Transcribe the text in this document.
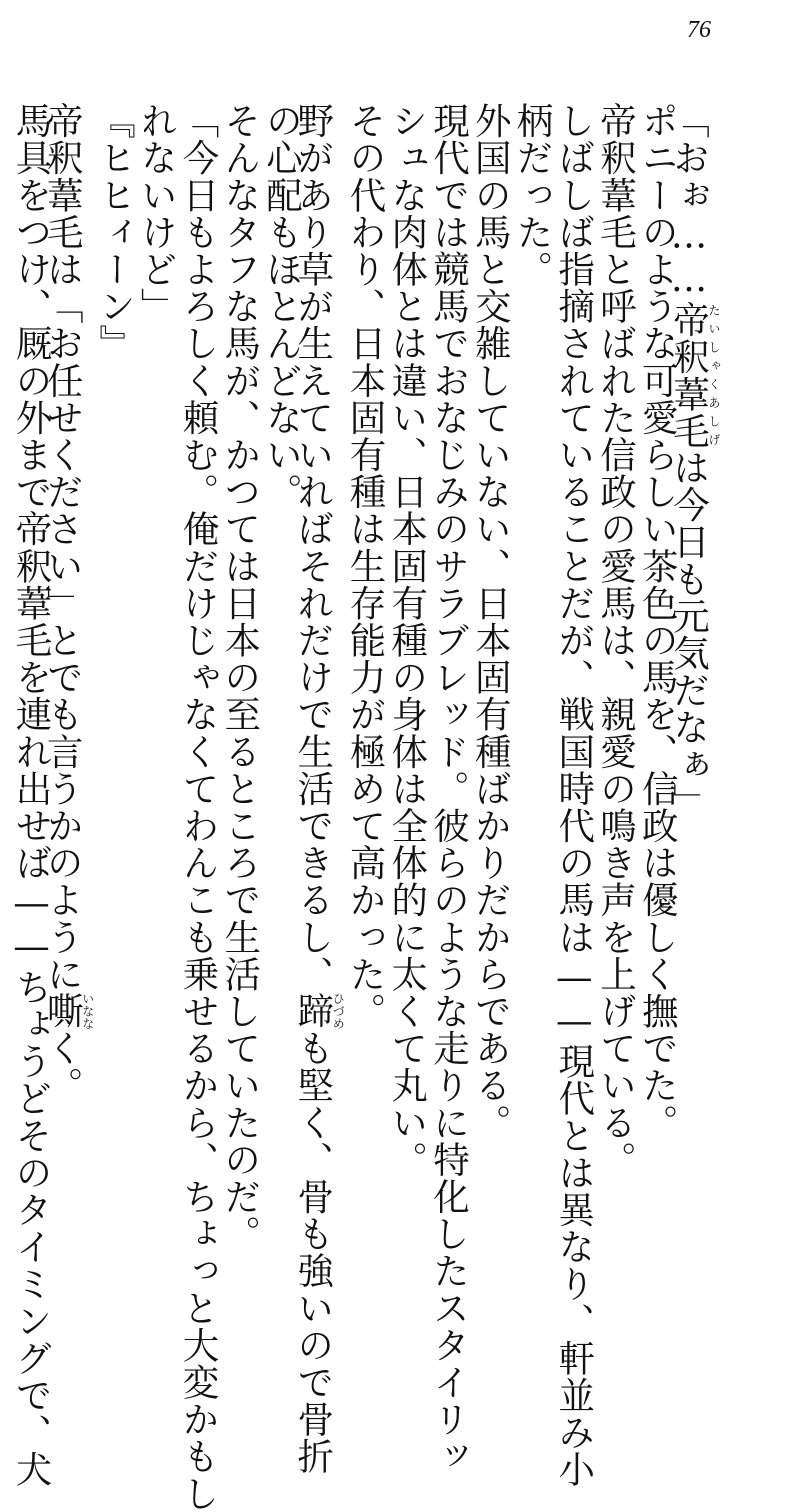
76
「おぉ……帝釈葦毛たいしゃくあしげは今日も元気だなぁ」
ポニーのような可愛らしい茶色の馬を、信政は優しく撫でた。
帝釈葦毛と呼ばれた信政の愛馬は、親愛の鳴き声を上げている。
しばしば指摘されていることだが、戦国時代の馬は——現代とは異なり、軒並み小
柄だった。
外国の馬と交雑していない、日本固有種ばかりだからである。
現代では競馬でおなじみのサラブレッド。彼らのような走りに特化したスタイリッ
シュな肉体とは違い、日本固有種の身体は全体的に太くて丸い。
その代わり、日本固有種は生存能力が極めて高かった。
野があり草が生えていればそれだけで生活できるし、蹄ひづめも堅く、骨も強いので骨折
の心配もほとんどない。
そんなタフな馬が、かつては日本の至るところで生活していたのだ。
「今日もよろしく頼む。俺だけじゃなくてわんこも乗せるから、ちょっと大変かもし
れないけど」
『ヒヒィーン』
帝釈葦毛は「お任せください」とでも言うかのように嘶いななく。
馬具をつけ、厩の外まで帝釈葦毛を連れ出せば——ちょうどそのタイミングで、犬
